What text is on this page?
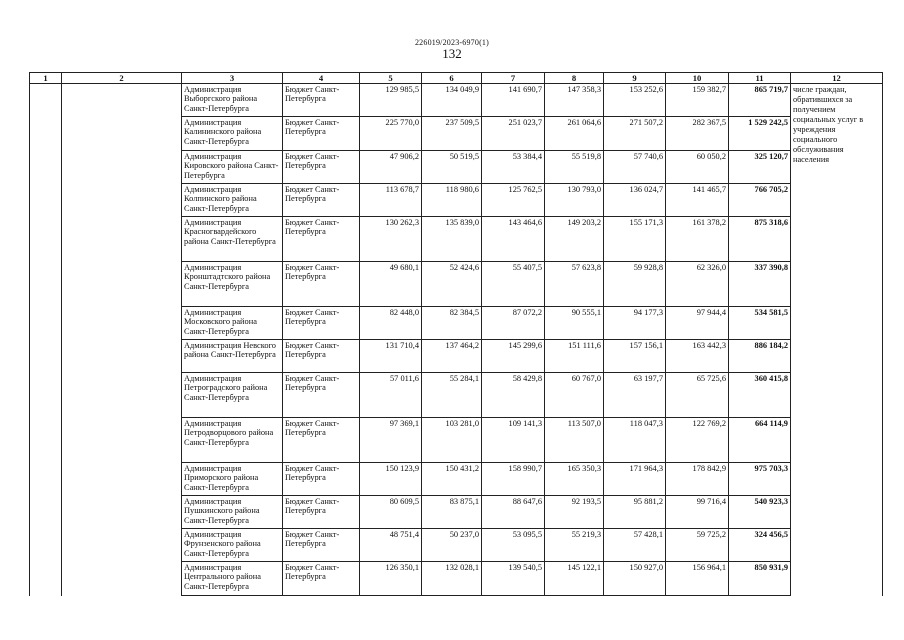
226019/2023-6970(1)
132
1	2	3	4	5	6	7	8	9	10	11	12
		Администрация Выборгского района Санкт-Петербурга	Бюджет Санкт-Петербурга	129 985,5	134 049,9	141 690,7	147 358,3	153 252,6	159 382,7	865 719,7	числе граждан, обратившихся за получением социальных услуг в учреждения социального обслуживания населения
		Администрация Калининского района Санкт-Петербурга	Бюджет Санкт-Петербурга	225 770,0	237 509,5	251 023,7	261 064,6	271 507,2	282 367,5	1 529 242,5	
		Администрация Кировского района Санкт-Петербурга	Бюджет Санкт-Петербурга	47 906,2	50 519,5	53 384,4	55 519,8	57 740,6	60 050,2	325 120,7	
		Администрация Колпинского района Санкт-Петербурга	Бюджет Санкт-Петербурга	113 678,7	118 980,6	125 762,5	130 793,0	136 024,7	141 465,7	766 705,2	
		Администрация Красногвардейского района Санкт-Петербурга	Бюджет Санкт-Петербурга	130 262,3	135 839,0	143 464,6	149 203,2	155 171,3	161 378,2	875 318,6	
		Администрация Кронштадтского района Санкт-Петербурга	Бюджет Санкт-Петербурга	49 680,1	52 424,6	55 407,5	57 623,8	59 928,8	62 326,0	337 390,8	
		Администрация Московского района Санкт-Петербурга	Бюджет Санкт-Петербурга	82 448,0	82 384,5	87 072,2	90 555,1	94 177,3	97 944,4	534 581,5	
		Администрация Невского района Санкт-Петербурга	Бюджет Санкт-Петербурга	131 710,4	137 464,2	145 299,6	151 111,6	157 156,1	163 442,3	886 184,2	
		Администрация Петроградского района Санкт-Петербурга	Бюджет Санкт-Петербурга	57 011,6	55 284,1	58 429,8	60 767,0	63 197,7	65 725,6	360 415,8	
		Администрация Петродворцового района Санкт-Петербурга	Бюджет Санкт-Петербурга	97 369,1	103 281,0	109 141,3	113 507,0	118 047,3	122 769,2	664 114,9	
		Администрация Приморского района Санкт-Петербурга	Бюджет Санкт-Петербурга	150 123,9	150 431,2	158 990,7	165 350,3	171 964,3	178 842,9	975 703,3	
		Администрация Пушкинского района Санкт-Петербурга	Бюджет Санкт-Петербурга	80 609,5	83 875,1	88 647,6	92 193,5	95 881,2	99 716,4	540 923,3	
		Администрация Фрунзенского района Санкт-Петербурга	Бюджет Санкт-Петербурга	48 751,4	50 237,0	53 095,5	55 219,3	57 428,1	59 725,2	324 456,5	
		Администрация Центрального района Санкт-Петербурга	Бюджет Санкт-Петербурга	126 350,1	132 028,1	139 540,5	145 122,1	150 927,0	156 964,1	850 931,9	
